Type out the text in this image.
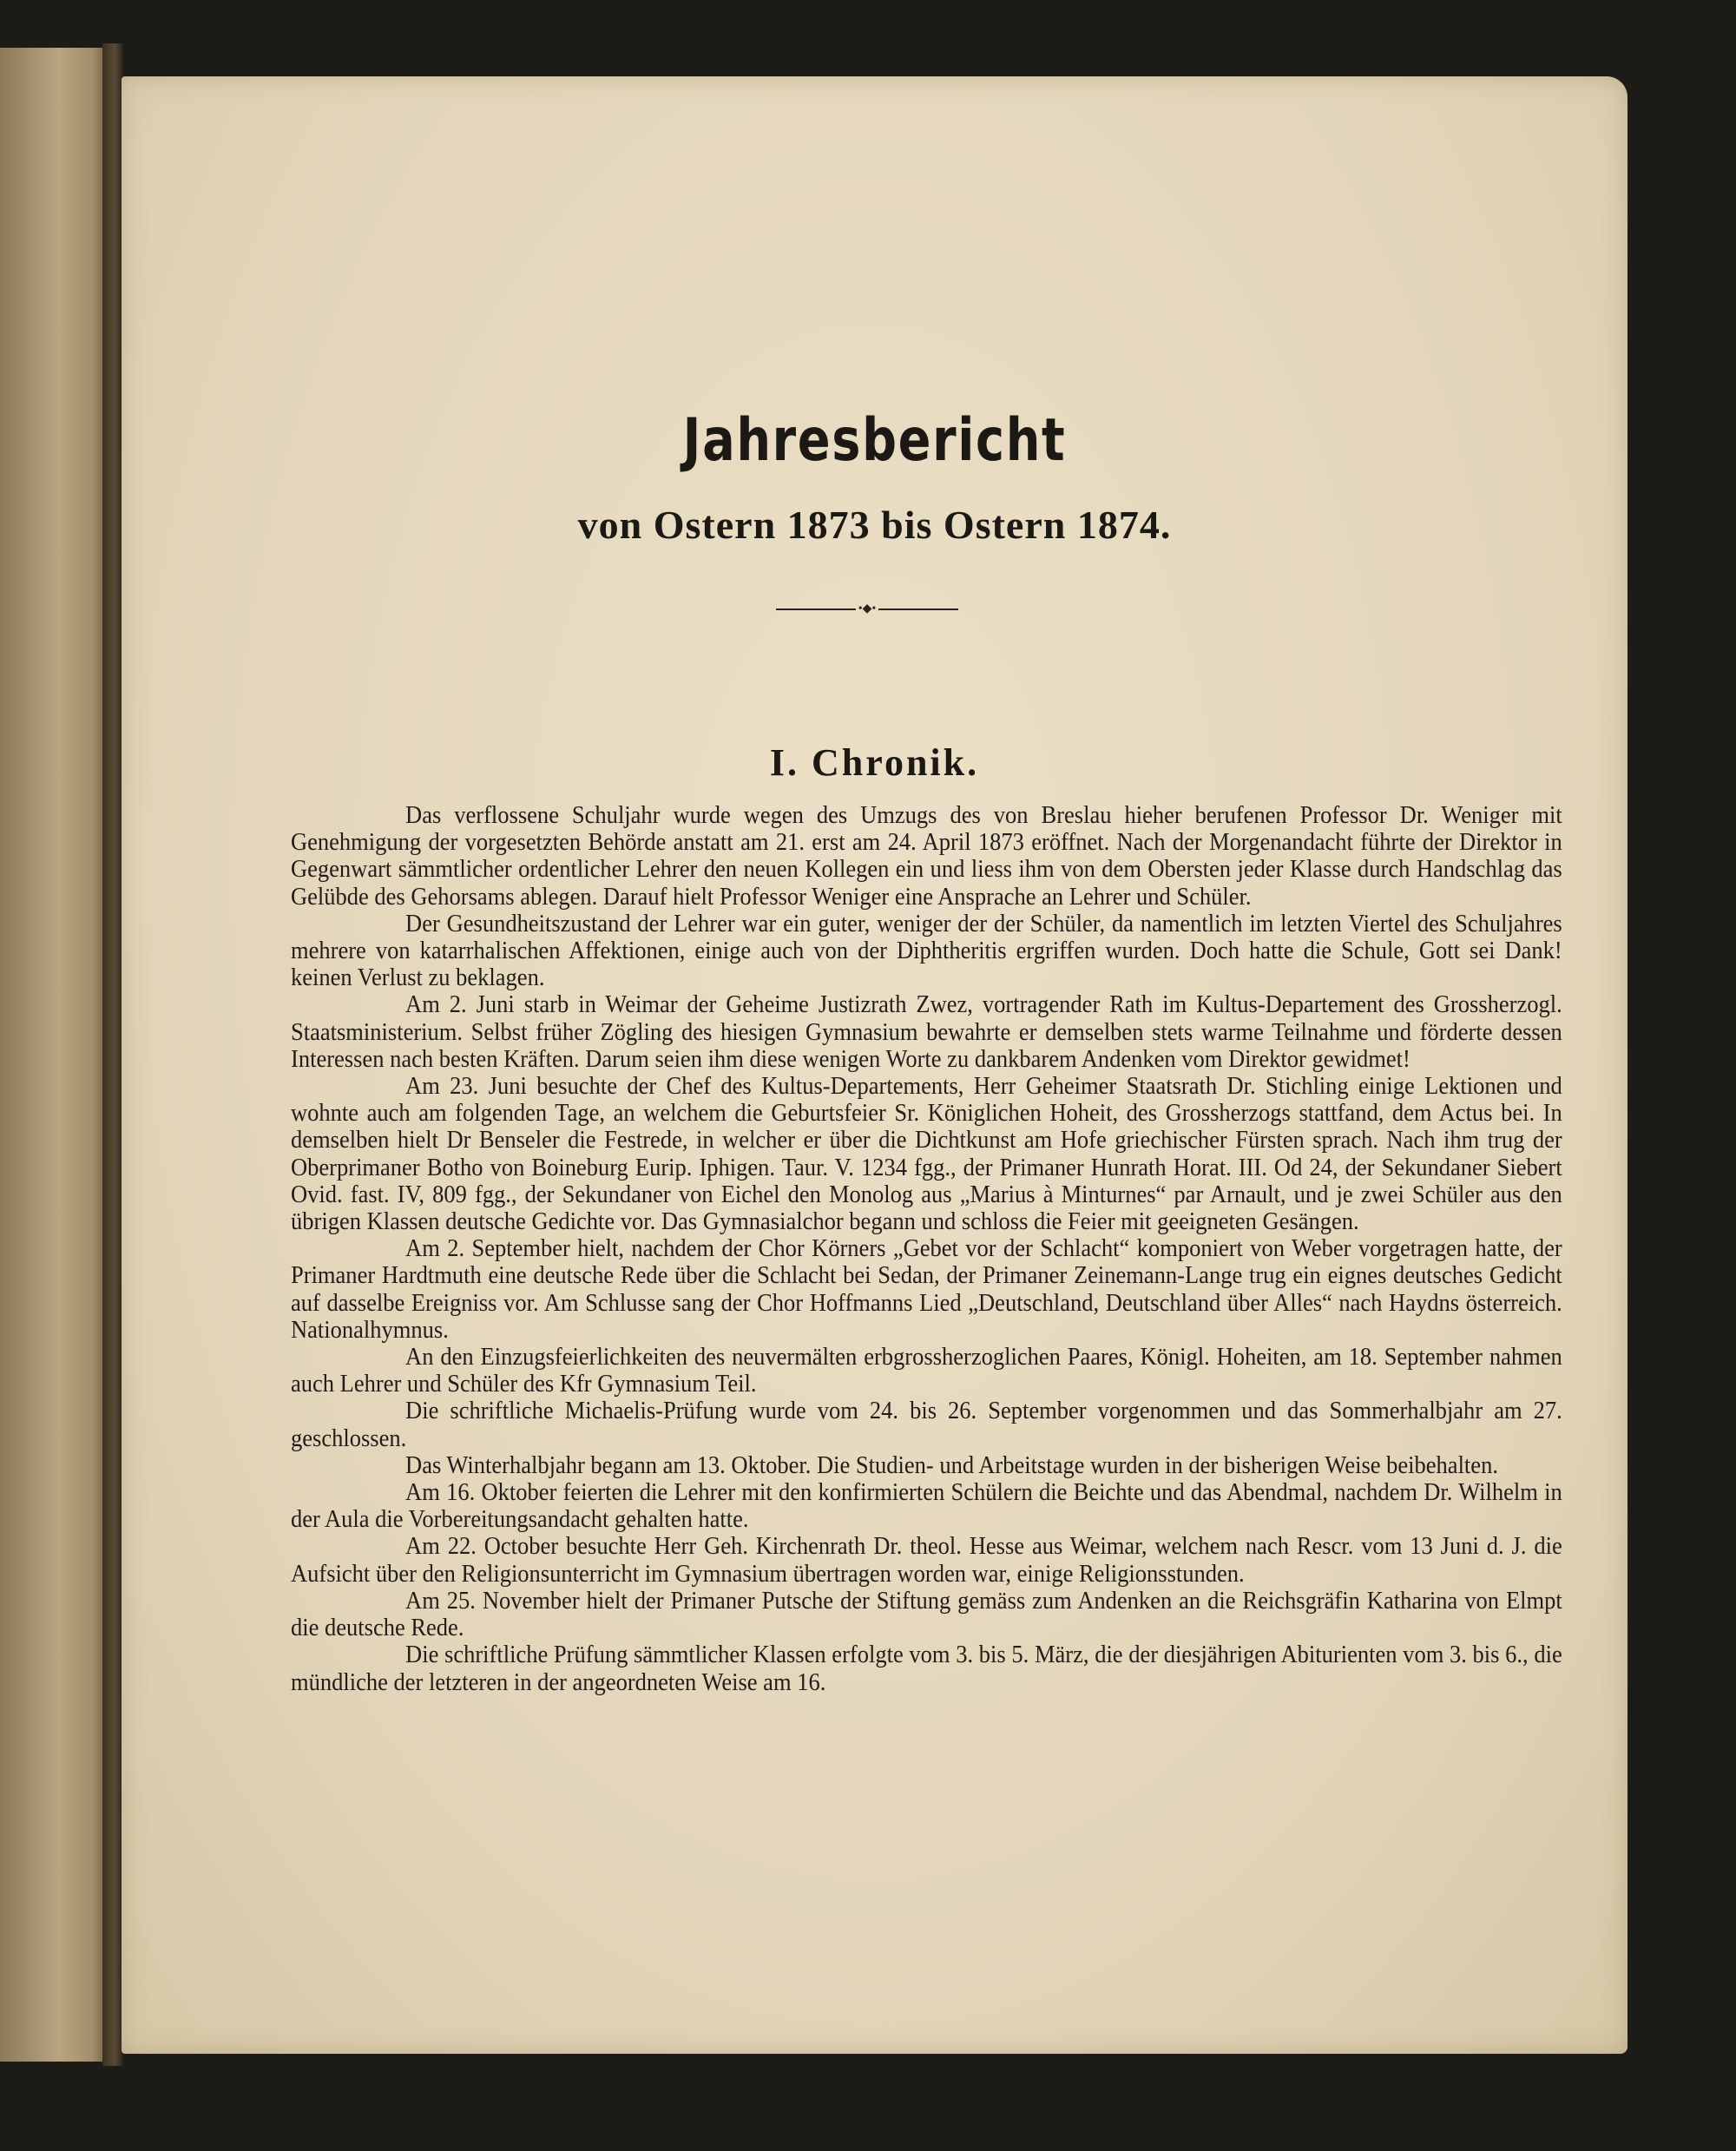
Jahresbericht
von Ostern 1873 bis Ostern 1874.
•◆•
I. Chronik.

Das verflossene Schuljahr wurde wegen des Umzugs des von Breslau hieher berufenen Professor Dr. Weniger mit Genehmigung der vorgesetzten Behörde anstatt am 21. erst am 24. April 1873 eröffnet. Nach der Morgenandacht führte der Direktor in Gegenwart sämmtlicher ordentlicher Lehrer den neuen Kollegen ein und liess ihm von dem Obersten jeder Klasse durch Handschlag das Gelübde des Gehorsams ablegen. Darauf hielt Professor Weniger eine Ansprache an Lehrer und Schüler.

Der Gesundheitszustand der Lehrer war ein guter, weniger der der Schüler, da namentlich im letzten Viertel des Schuljahres mehrere von katarrhalischen Affektionen, einige auch von der Diphtheritis ergriffen wurden. Doch hatte die Schule, Gott sei Dank! keinen Verlust zu beklagen.

Am 2. Juni starb in Weimar der Geheime Justizrath Zwez, vortragender Rath im Kultus-Departement des Grossherzogl. Staatsministerium. Selbst früher Zögling des hiesigen Gymnasium bewahrte er demselben stets warme Teilnahme und förderte dessen Interessen nach besten Kräften. Darum seien ihm diese wenigen Worte zu dankbarem Andenken vom Direktor gewidmet!

Am 23. Juni besuchte der Chef des Kultus-Departements, Herr Geheimer Staatsrath Dr. Stichling einige Lektionen und wohnte auch am folgenden Tage, an welchem die Geburtsfeier Sr. Königlichen Hoheit, des Grossherzogs stattfand, dem Actus bei. In demselben hielt Dr Benseler die Festrede, in welcher er über die Dichtkunst am Hofe griechischer Fürsten sprach. Nach ihm trug der Oberprimaner Botho von Boineburg Eurip. Iphigen. Taur. V. 1234 fgg., der Primaner Hunrath Horat. III. Od 24, der Sekundaner Siebert Ovid. fast. IV, 809 fgg., der Sekundaner von Eichel den Monolog aus „Marius à Minturnes“ par Arnault, und je zwei Schüler aus den übrigen Klassen deutsche Gedichte vor. Das Gymnasialchor begann und schloss die Feier mit geeigneten Gesängen.

Am 2. September hielt, nachdem der Chor Körners „Gebet vor der Schlacht“ komponiert von Weber vorgetragen hatte, der Primaner Hardtmuth eine deutsche Rede über die Schlacht bei Sedan, der Primaner Zeinemann-Lange trug ein eignes deutsches Gedicht auf dasselbe Ereigniss vor. Am Schlusse sang der Chor Hoffmanns Lied „Deutschland, Deutschland über Alles“ nach Haydns österreich. Nationalhymnus.

An den Einzugsfeierlichkeiten des neuvermälten erbgrossherzoglichen Paares, Königl. Hoheiten, am 18. September nahmen auch Lehrer und Schüler des Kfr Gymnasium Teil.

Die schriftliche Michaelis-Prüfung wurde vom 24. bis 26. September vorgenommen und das Sommerhalbjahr am 27. geschlossen.

Das Winterhalbjahr begann am 13. Oktober. Die Studien- und Arbeitstage wurden in der bisherigen Weise beibehalten.

Am 16. Oktober feierten die Lehrer mit den konfirmierten Schülern die Beichte und das Abendmal, nachdem Dr. Wilhelm in der Aula die Vorbereitungsandacht gehalten hatte.

Am 22. October besuchte Herr Geh. Kirchenrath Dr. theol. Hesse aus Weimar, welchem nach Rescr. vom 13 Juni d. J. die Aufsicht über den Religionsunterricht im Gymnasium übertragen worden war, einige Religionsstunden.

Am 25. November hielt der Primaner Putsche der Stiftung gemäss zum Andenken an die Reichsgräfin Katharina von Elmpt die deutsche Rede.

Die schriftliche Prüfung sämmtlicher Klassen erfolgte vom 3. bis 5. März, die der diesjährigen Abiturienten vom 3. bis 6., die mündliche der letzteren in der angeordneten Weise am 16.
